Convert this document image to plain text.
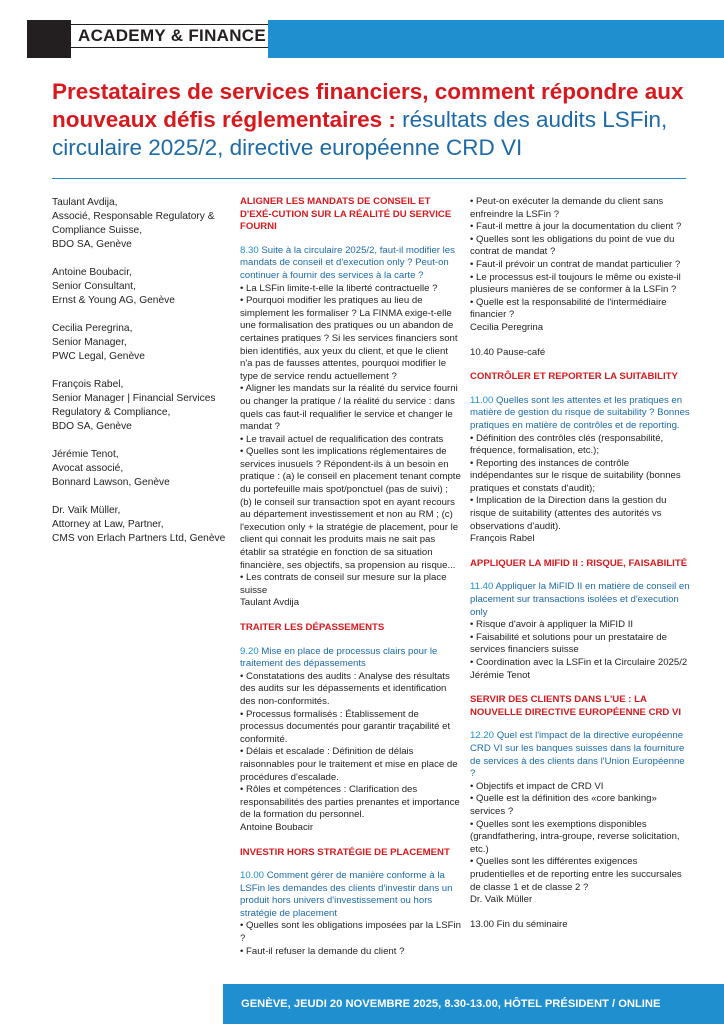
ACADEMY & FINANCE
Prestataires de services financiers, comment répondre aux nouveaux défis réglementaires : résultats des audits LSFin, circulaire 2025/2, directive européenne CRD VI
Taulant Avdija,
Associé, Responsable Regulatory &
Compliance Suisse,
BDO SA, Genève
Antoine Boubacir,
Senior Consultant,
Ernst & Young AG, Genève
Cecilia Peregrina,
Senior Manager,
PWC Legal, Genève
François Rabel,
Senior Manager | Financial Services
Regulatory & Compliance,
BDO SA, Genève
Jérémie Tenot,
Avocat associé,
Bonnard Lawson, Genève
Dr. Vaïk Müller,
Attorney at Law, Partner,
CMS von Erlach Partners Ltd, Genève

ALIGNER LES MANDATS DE CONSEIL ET D'EXÉ-CUTION SUR LA RÉALITÉ DU SERVICE FOURNI

8.30 Suite à la circulaire 2025/2, faut-il modifier les mandats de conseil et d'execution only ? Peut-on continuer à fournir des services à la carte ?

• La LSFin limite-t-elle la liberté contractuelle ?

• Pourquoi modifier les pratiques au lieu de simplement les formaliser ? La FINMA exige-t-elle une formalisation des pratiques ou un abandon de certaines pratiques ? Si les services financiers sont bien identifiés, aux yeux du client, et que le client n'a pas de fausses attentes, pourquoi modifier le type de service rendu actuellement ?

• Aligner les mandats sur la réalité du service fourni ou changer la pratique / la réalité du service : dans quels cas faut-il requalifier le service et changer le mandat ?

• Le travail actuel de requalification des contrats

• Quelles sont les implications réglementaires de services inusuels ? Répondent-ils à un besoin en pratique : (a) le conseil en placement tenant compte du portefeuille mais spot/ponctuel (pas de suivi) ; (b) le conseil sur transaction spot en ayant recours au département investissement et non au RM ; (c) l'execution only + la stratégie de placement, pour le client qui connait les produits mais ne sait pas établir sa stratégie en fonction de sa situation financière, ses objectifs, sa propension au risque...

• Les contrats de conseil sur mesure sur la place suisse

Taulant Avdija

TRAITER LES DÉPASSEMENTS

9.20 Mise en place de processus clairs pour le traitement des dépassements

• Constatations des audits : Analyse des résultats des audits sur les dépassements et identification des non-conformités.

• Processus formalisés : Établissement de processus documentés pour garantir traçabilité et conformité.

• Délais et escalade : Définition de délais raisonnables pour le traitement et mise en place de procédures d'escalade.

• Rôles et compétences : Clarification des responsabilités des parties prenantes et importance de la formation du personnel.

Antoine Boubacir

INVESTIR HORS STRATÉGIE DE PLACEMENT

10.00 Comment gérer de manière conforme à la LSFin les demandes des clients d'investir dans un produit hors univers d'investissement ou hors stratégie de placement

• Quelles sont les obligations imposées par la LSFin ?

• Faut-il refuser la demande du client ?

• Peut-on exécuter la demande du client sans enfreindre la LSFin ?

• Faut-il mettre à jour la documentation du client ?

• Quelles sont les obligations du point de vue du contrat de mandat ?

• Faut-il prévoir un contrat de mandat particulier ?

• Le processus est-il toujours le même ou existe-il plusieurs manières de se conformer à la LSFin ?

• Quelle est la responsabilité de l'intermédiaire financier ?

Cecilia Peregrina

10.40 Pause-café

CONTRÔLER ET REPORTER LA SUITABILITY

11.00 Quelles sont les attentes et les pratiques en matière de gestion du risque de suitability ? Bonnes pratiques en matière de contrôles et de reporting.

• Définition des contrôles clés (responsabilité, fréquence, formalisation, etc.);

• Reporting des instances de contrôle indépendantes sur le risque de suitability (bonnes pratiques et constats d'audit);

• Implication de la Direction dans la gestion du risque de suitability (attentes des autorités vs observations d'audit).

François Rabel

APPLIQUER LA MIFID II : RISQUE, FAISABILITÉ

11.40 Appliquer la MiFID II en matière de conseil en placement sur transactions isolées et d'execution only

• Risque d'avoir à appliquer la MiFID II

• Faisabilité et solutions pour un prestataire de services financiers suisse

• Coordination avec la LSFin et la Circulaire 2025/2

Jérémie Tenot

SERVIR DES CLIENTS DANS L'UE : LA NOUVELLE DIRECTIVE EUROPÉENNE CRD VI

12.20 Quel est l'impact de la directive européenne CRD VI sur les banques suisses dans la fourniture de services à des clients dans l'Union Européenne ?

• Objectifs et impact de CRD VI

• Quelle est la définition des «core banking» services ?

• Quelles sont les exemptions disponibles (grandfathering, intra-groupe, reverse solicitation, etc.)

• Quelles sont les différentes exigences prudentielles et de reporting entre les succursales de classe 1 et de classe 2 ?

Dr. Vaïk Müller

13.00 Fin du séminaire

GENÈVE, JEUDI 20 NOVEMBRE 2025, 8.30-13.00, HÔTEL PRÉSIDENT / ONLINE
